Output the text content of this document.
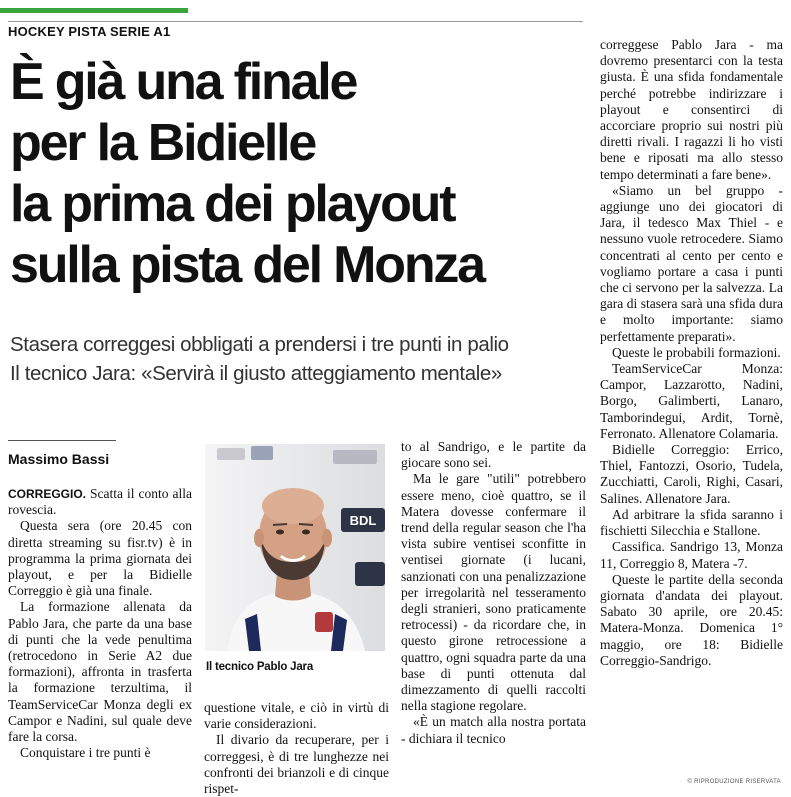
HOCKEY PISTA SERIE A1
È già una finale
per la Bidielle
la prima dei playout
sulla pista del Monza
Stasera correggesi obbligati a prendersi i tre punti in palio
Il tecnico Jara: «Servirà il giusto atteggiamento mentale»
Massimo Bassi

CORREGGIO. Scatta il conto alla rovescia.

Questa sera (ore 20.45 con diretta streaming su fisr.tv) è in programma la prima giornata dei playout, e per la Bidielle Correggio è già una finale.

La formazione allenata da Pablo Jara, che parte da una base di punti che la vede penultima (retrocedono in Serie A2 due formazioni), affronta in trasferta la formazione terzultima, il TeamServiceCar Monza degli ex Campor e Nadini, sul quale deve fare la corsa.

Conquistare i tre punti è

BDL
Il tecnico Pablo Jara

questione vitale, e ciò in virtù di varie considerazioni.

Il divario da recuperare, per i correggesi, è di tre lunghezze nei confronti dei brianzoli e di cinque rispet-

to al Sandrigo, e le partite da giocare sono sei.

Ma le gare "utili" potrebbero essere meno, cioè quattro, se il Matera dovesse confermare il trend della regular season che l'ha vista subire ventisei sconfitte in ventisei giornate (i lucani, sanzionati con una penalizzazione per irregolarità nel tesseramento degli stranieri, sono praticamente retrocessi) - da ricordare che, in questo girone retrocessione a quattro, ogni squadra parte da una base di punti ottenuta dal dimezzamento di quelli raccolti nella stagione regolare.

«È un match alla nostra portata - dichiara il tecnico

correggese Pablo Jara - ma dovremo presentarci con la testa giusta. È una sfida fondamentale perché potrebbe indirizzare i playout e consentirci di accorciare proprio sui nostri più diretti rivali. I ragazzi li ho visti bene e riposati ma allo stesso tempo determinati a fare bene».

«Siamo un bel gruppo - aggiunge uno dei giocatori di Jara, il tedesco Max Thiel - e nessuno vuole retrocedere. Siamo concentrati al cento per cento e vogliamo portare a casa i punti che ci servono per la salvezza. La gara di stasera sarà una sfida dura e molto importante: siamo perfettamente preparati».

Queste le probabili formazioni.

TeamServiceCar Monza: Campor, Lazzarotto, Nadini, Borgo, Galimberti, Lanaro, Tamborindegui, Ardit, Tornè, Ferronato. Allenatore Colamaria.

Bidielle Correggio: Errico, Thiel, Fantozzi, Osorio, Tudela, Zucchiatti, Caroli, Righi, Casari, Salines. Allenatore Jara.

Ad arbitrare la sfida saranno i fischietti Silecchia e Stallone.

Cassifica. Sandrigo 13, Monza 11, Correggio 8, Matera -7.

Queste le partite della seconda giornata d'andata dei playout. Sabato 30 aprile, ore 20.45: Matera-Monza. Domenica 1° maggio, ore 18: Bidielle Correggio-Sandrigo.

© RIPRODUZIONE RISERVATA
